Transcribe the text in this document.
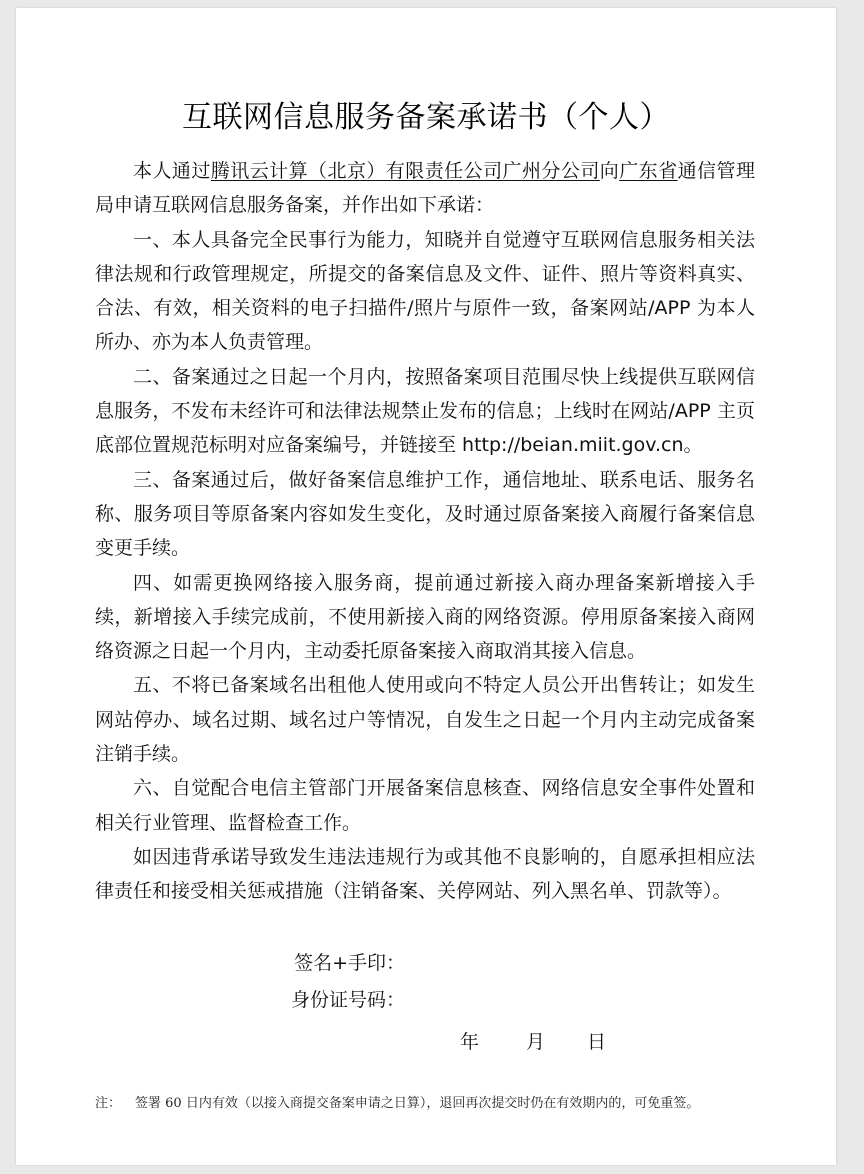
互联网信息服务备案承诺书（个人）

本人通过腾讯云计算（北京）有限责任公司广州分公司向广东省通信管理局申请互联网信息服务备案，并作出如下承诺：

一、本人具备完全民事行为能力，知晓并自觉遵守互联网信息服务相关法律法规和行政管理规定，所提交的备案信息及文件、证件、照片等资料真实、合法、有效，相关资料的电子扫描件/照片与原件一致，备案网站/APP 为本人所办、亦为本人负责管理。

二、备案通过之日起一个月内，按照备案项目范围尽快上线提供互联网信息服务，不发布未经许可和法律法规禁止发布的信息；上线时在网站/APP 主页底部位置规范标明对应备案编号，并链接至 http://beian.miit.gov.cn。

三、备案通过后，做好备案信息维护工作，通信地址、联系电话、服务名称、服务项目等原备案内容如发生变化，及时通过原备案接入商履行备案信息变更手续。

四、如需更换网络接入服务商，提前通过新接入商办理备案新增接入手续，新增接入手续完成前，不使用新接入商的网络资源。停用原备案接入商网络资源之日起一个月内，主动委托原备案接入商取消其接入信息。

五、不将已备案域名出租他人使用或向不特定人员公开出售转让；如发生网站停办、域名过期、域名过户等情况，自发生之日起一个月内主动完成备案注销手续。

六、自觉配合电信主管部门开展备案信息核查、网络信息安全事件处置和相关行业管理、监督检查工作。

如因违背承诺导致发生违法违规行为或其他不良影响的，自愿承担相应法律责任和接受相关惩戒措施（注销备案、关停网站、列入黑名单、罚款等）。

签名+手印：
身份证号码：
年 月 日
注： 签署 60 日内有效（以接入商提交备案申请之日算），退回再次提交时仍在有效期内的，可免重签。
